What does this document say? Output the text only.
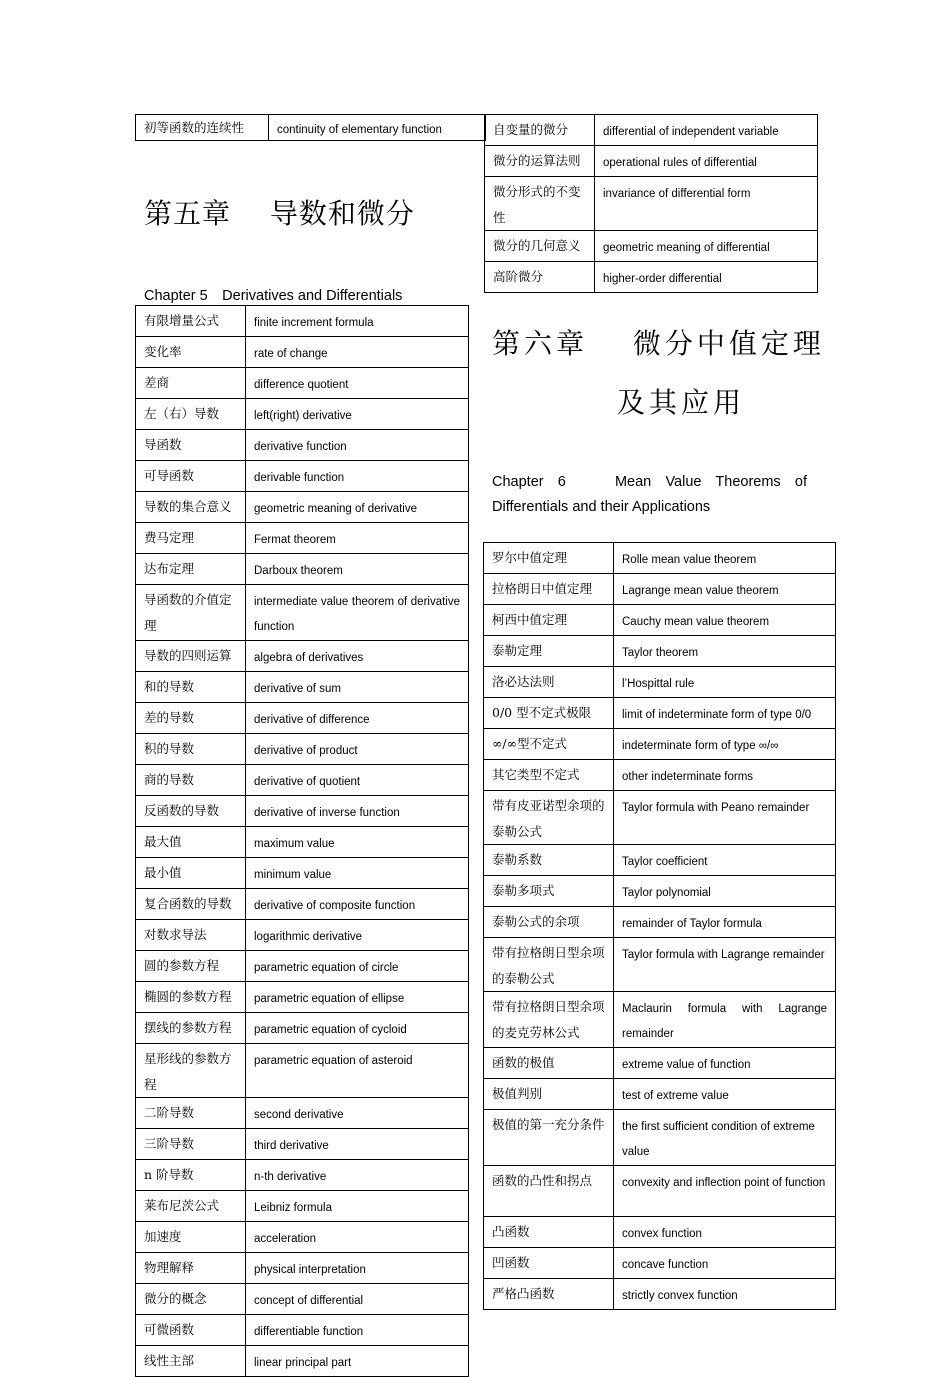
初等函数的连续性	continuity of elementary function
第五章　 导数和微分
Chapter 5　Derivatives and Differentials
自变量的微分	differential of independent variable
微分的运算法则	operational rules of differential
微分形式的不变性	invariance of differential form
微分的几何意义	geometric meaning of differential
高阶微分	higher-order differential
有限增量公式	finite increment formula
变化率	rate of change
差商	difference quotient
左（右）导数	left(right) derivative
导函数	derivative function
可导函数	derivable function
导数的集合意义	geometric meaning of derivative
费马定理	Fermat theorem
达布定理	Darboux theorem
导函数的介值定理	intermediate value theorem of derivative function
导数的四则运算	algebra of derivatives
和的导数	derivative of sum
差的导数	derivative of difference
积的导数	derivative of product
商的导数	derivative of quotient
反函数的导数	derivative of inverse function
最大值	maximum value
最小值	minimum value
复合函数的导数	derivative of composite function
对数求导法	logarithmic derivative
圆的参数方程	parametric equation of circle
椭圆的参数方程	parametric equation of ellipse
摆线的参数方程	parametric equation of cycloid
星形线的参数方程	parametric equation of asteroid
二阶导数	second derivative
三阶导数	third derivative
n 阶导数	n-th derivative
莱布尼茨公式	Leibniz formula
加速度	acceleration
物理解释	physical interpretation
微分的概念	concept of differential
可微函数	differentiable function
线性主部	linear principal part
第六章　 微分中值定理
及其应用
Chapter 6　 Mean Value Theorems of Differentials and their Applications
罗尔中值定理	Rolle mean value theorem
拉格朗日中值定理	Lagrange mean value theorem
柯西中值定理	Cauchy mean value theorem
泰勒定理	Taylor theorem
洛必达法则	l’Hospittal rule
0/0 型不定式极限	limit of indeterminate form of type 0/0
∞/∞型不定式	indeterminate form of type ∞/∞
其它类型不定式	other indeterminate forms
带有皮亚诺型余项的泰勒公式	Taylor formula with Peano remainder
泰勒系数	Taylor coefficient
泰勒多项式	Taylor polynomial
泰勒公式的余项	remainder of Taylor formula
带有拉格朗日型余项的泰勒公式	Taylor formula with Lagrange remainder
带有拉格朗日型余项的麦克劳林公式	Maclaurin formula with Lagrange remainder
函数的极值	extreme value of function
极值判别	test of extreme value
极值的第一充分条件	the first sufficient condition of extreme value
函数的凸性和拐点	convexity and inflection point of function
凸函数	convex function
凹函数	concave function
严格凸函数	strictly convex function
